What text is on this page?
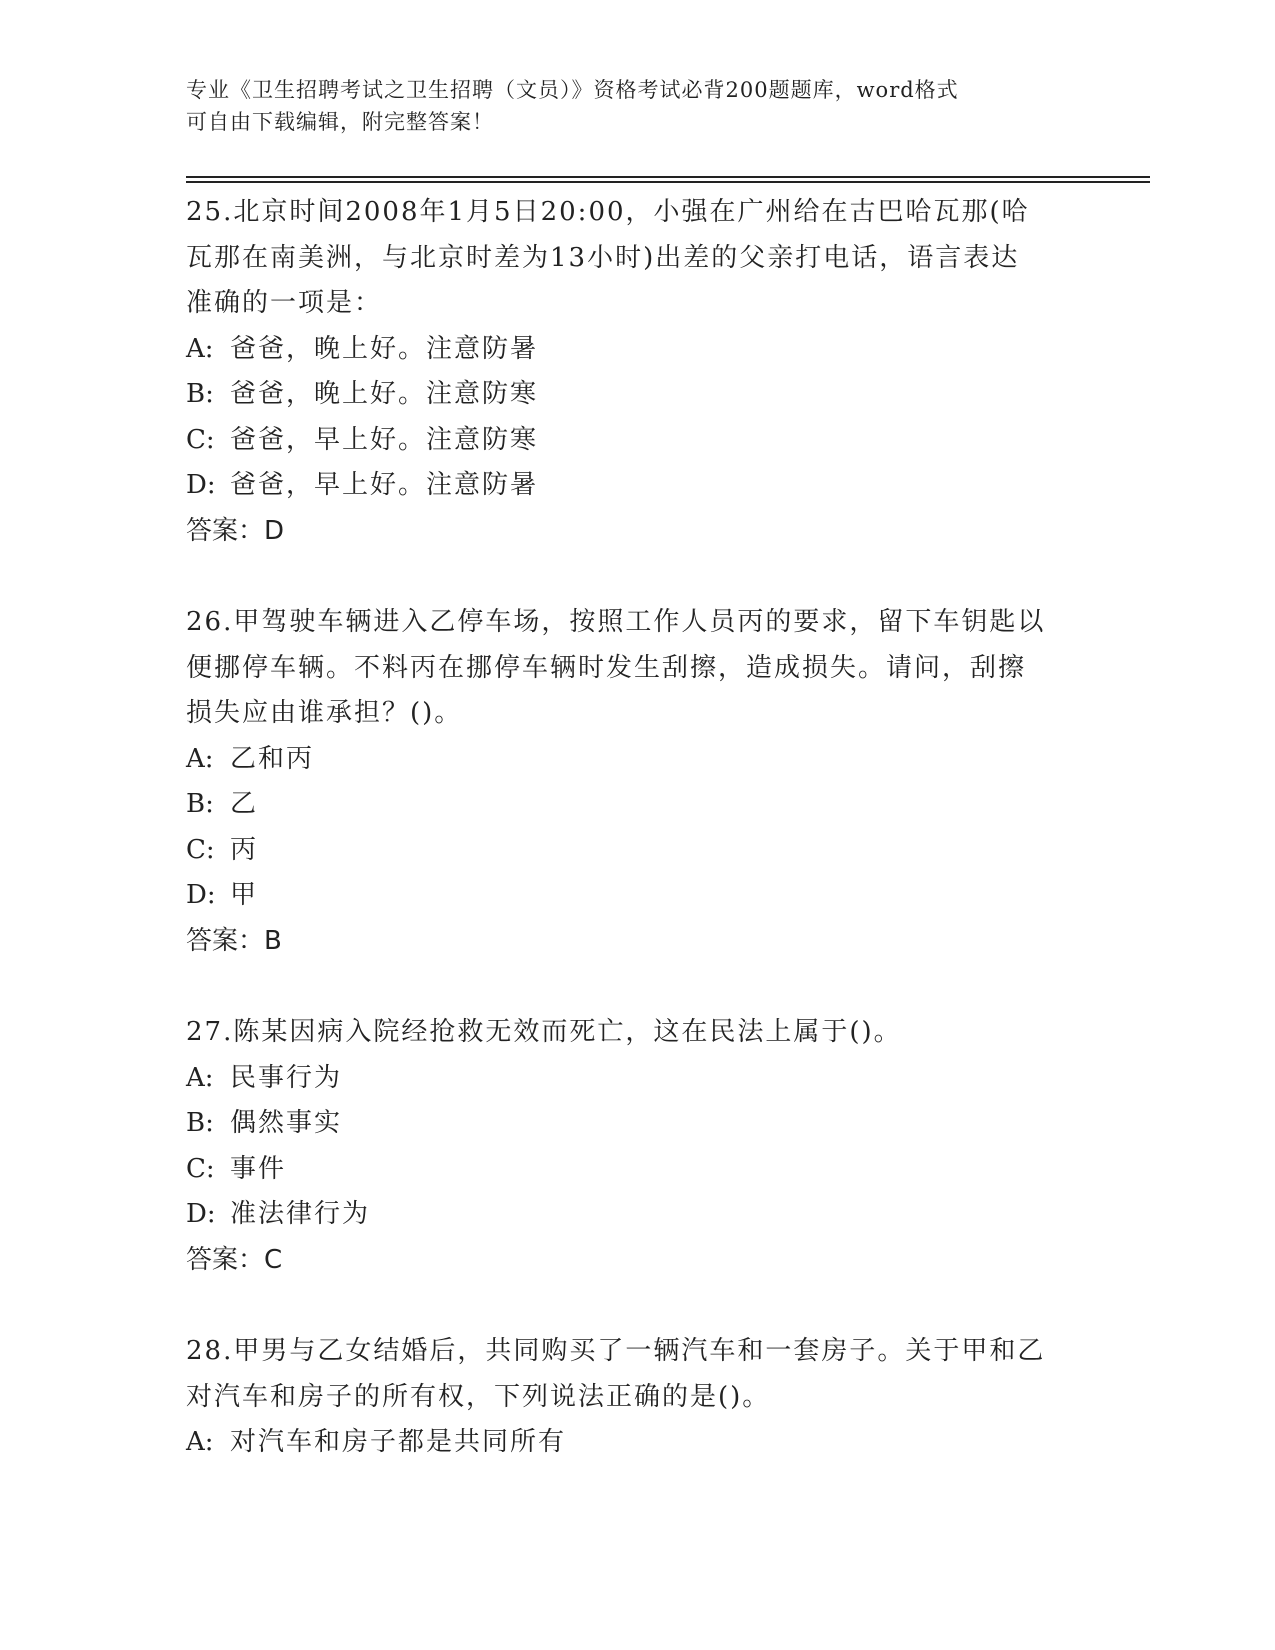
专业《卫生招聘考试之卫生招聘（文员）》资格考试必背200题题库，word格式
可自由下载编辑，附完整答案！
25.北京时间2008年1月5日20:00，小强在广州给在古巴哈瓦那(哈
瓦那在南美洲，与北京时差为13小时)出差的父亲打电话，语言表达
准确的一项是：
A: 爸爸，晚上好。注意防暑
B: 爸爸，晚上好。注意防寒
C: 爸爸，早上好。注意防寒
D: 爸爸，早上好。注意防暑
答案：D
26.甲驾驶车辆进入乙停车场，按照工作人员丙的要求，留下车钥匙以
便挪停车辆。不料丙在挪停车辆时发生刮擦，造成损失。请问，刮擦
损失应由谁承担？()。
A: 乙和丙
B: 乙
C: 丙
D: 甲
答案：B
27.陈某因病入院经抢救无效而死亡，这在民法上属于()。
A: 民事行为
B: 偶然事实
C: 事件
D: 准法律行为
答案：C
28.甲男与乙女结婚后，共同购买了一辆汽车和一套房子。关于甲和乙
对汽车和房子的所有权，下列说法正确的是()。
A: 对汽车和房子都是共同所有
